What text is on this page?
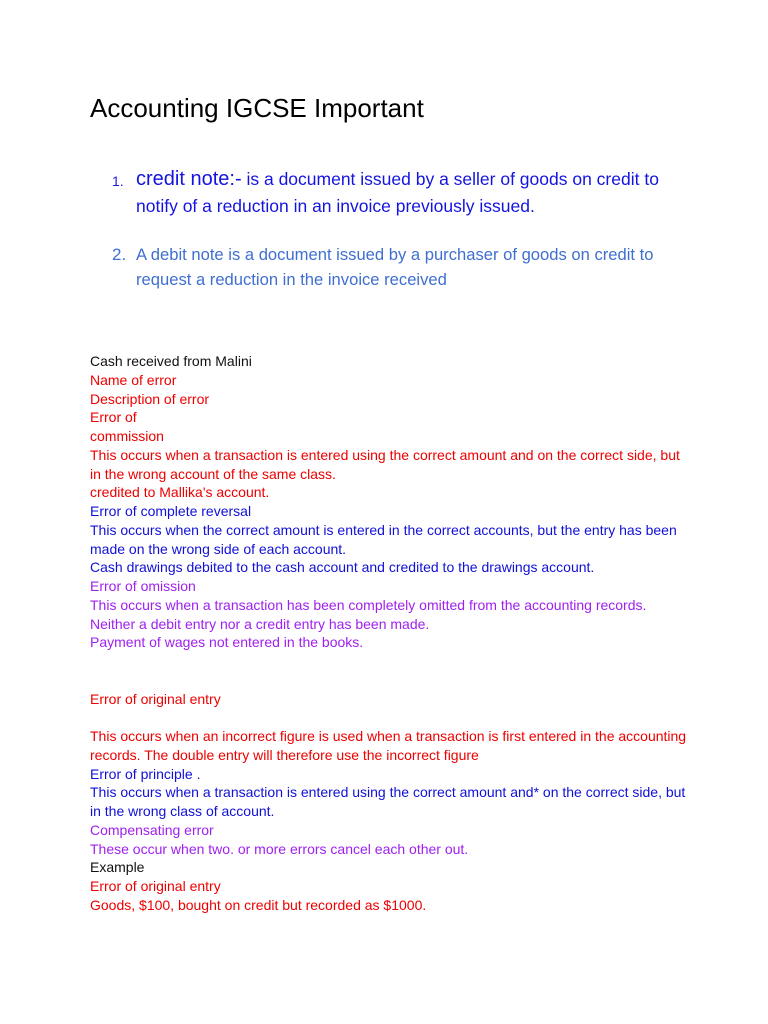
Accounting IGCSE Important
1. credit note:- is a document issued by a seller of goods on credit to notify of a reduction in an invoice previously issued.
2. A debit note is a document issued by a purchaser of goods on credit to request a reduction in the invoice received

Cash received from Malini

Name of error

Description of error

Error of

commission

This occurs when a transaction is entered using the correct amount and on the correct side, but in the wrong account of the same class.

credited to Mallika's account.

Error of complete reversal

This occurs when the correct amount is entered in the correct accounts, but the entry has been made on the wrong side of each account.

Cash drawings debited to the cash account and credited to the drawings account.

Error of omission

This occurs when a transaction has been completely omitted from the accounting records.

Neither a debit entry nor a credit entry has been made.

Payment of wages not entered in the books.

Error of original entry

This occurs when an incorrect figure is used when a transaction is first entered in the accounting records. The double entry will therefore use the incorrect figure

Error of principle .

This occurs when a transaction is entered using the correct amount and* on the correct side, but in the wrong class of account.

Compensating error

These occur when two. or more errors cancel each other out.

Example

Error of original entry

Goods, $100, bought on credit but recorded as $1000.
